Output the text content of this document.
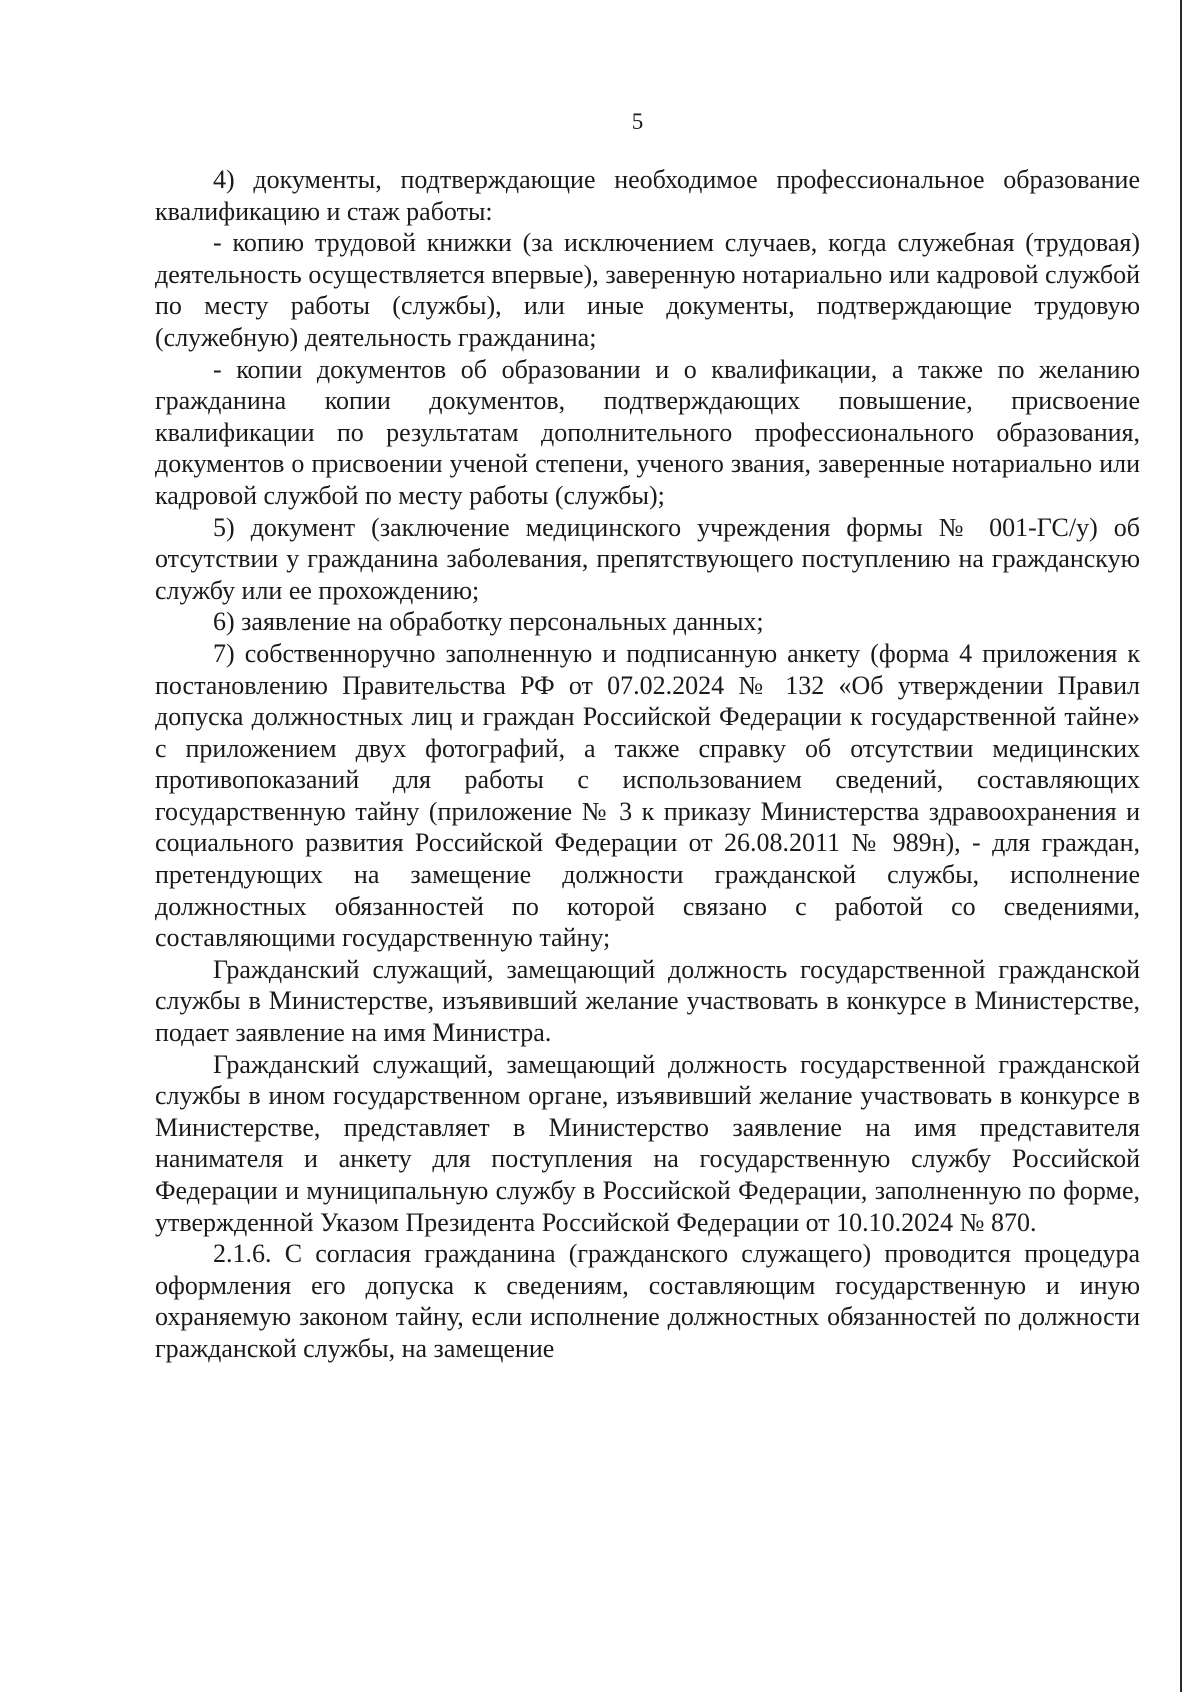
5

4) документы, подтверждающие необходимое профессиональное образование квалификацию и стаж работы:

- копию трудовой книжки (за исключением случаев, когда служебная (трудовая) деятельность осуществляется впервые), заверенную нотариально или кадровой службой по месту работы (службы), или иные документы, подтверждающие трудовую (служебную) деятельность гражданина;

- копии документов об образовании и о квалификации, а также по желанию гражданина копии документов, подтверждающих повышение, присвоение квалификации по результатам дополнительного профессионального образования, документов о присвоении ученой степени, ученого звания, заверенные нотариально или кадровой службой по месту работы (службы);

5) документ (заключение медицинского учреждения формы № 001-ГС/у) об отсутствии у гражданина заболевания, препятствующего поступлению на гражданскую службу или ее прохождению;

6) заявление на обработку персональных данных;

7) собственноручно заполненную и подписанную анкету (форма 4 приложения к постановлению Правительства РФ от 07.02.2024 № 132 «Об утверждении Правил допуска должностных лиц и граждан Российской Федерации к государственной тайне» с приложением двух фотографий, а также справку об отсутствии медицинских противопоказаний для работы с использованием сведений, составляющих государственную тайну (приложение № 3 к приказу Министерства здравоохранения и социального развития Российской Федерации от 26.08.2011 № 989н), - для граждан, претендующих на замещение должности гражданской службы, исполнение должностных обязанностей по которой связано с работой со сведениями, составляющими государственную тайну;

Гражданский служащий, замещающий должность государственной гражданской службы в Министерстве, изъявивший желание участвовать в конкурсе в Министерстве, подает заявление на имя Министра.

Гражданский служащий, замещающий должность государственной гражданской службы в ином государственном органе, изъявивший желание участвовать в конкурсе в Министерстве, представляет в Министерство заявление на имя представителя нанимателя и анкету для поступления на государственную службу Российской Федерации и муниципальную службу в Российской Федерации, заполненную по форме, утвержденной Указом Президента Российской Федерации от 10.10.2024 № 870.

2.1.6. С согласия гражданина (гражданского служащего) проводится процедура оформления его допуска к сведениям, составляющим государственную и иную охраняемую законом тайну, если исполнение должностных обязанностей по должности гражданской службы, на замещение
